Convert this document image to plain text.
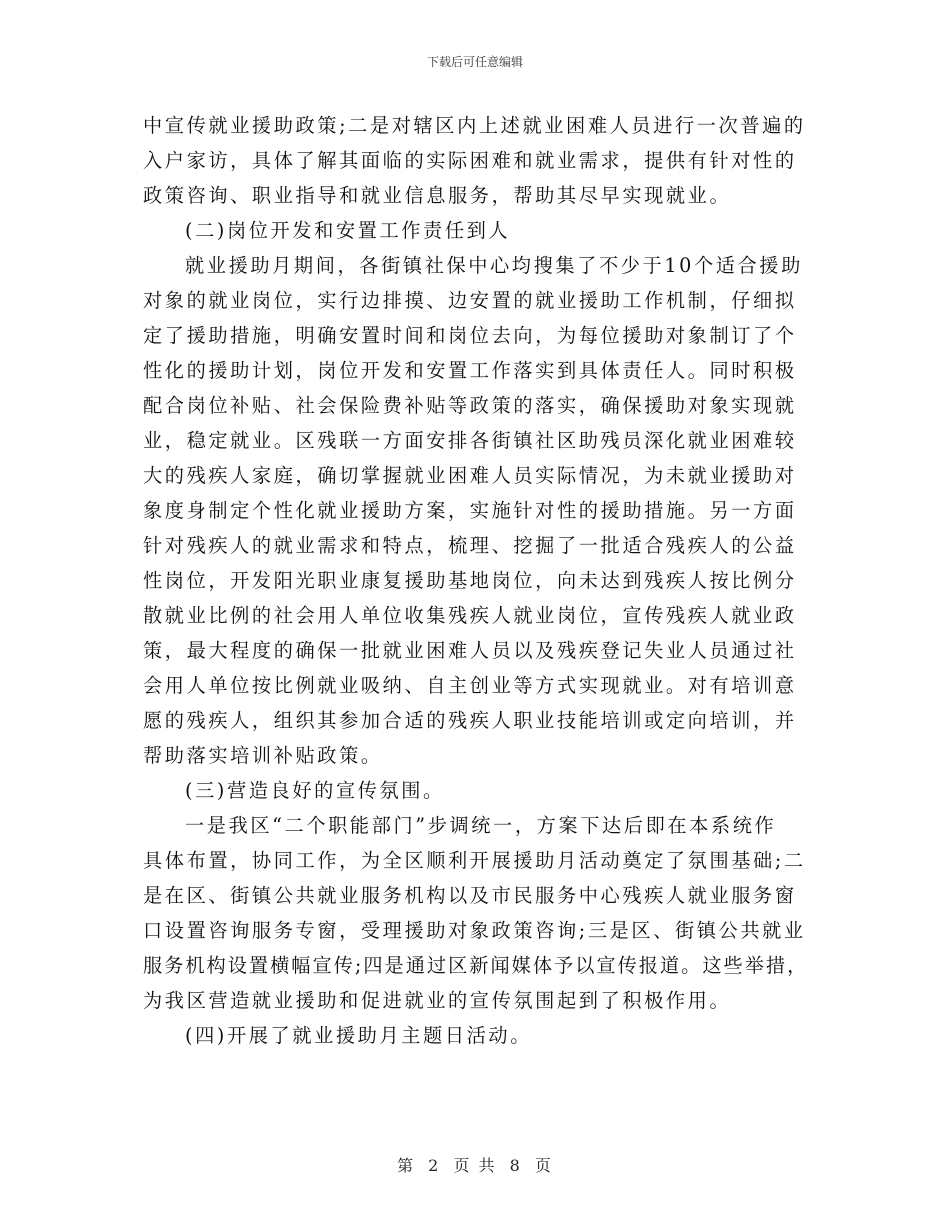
下载后可任意编辑
中宣传就业援助政策;二是对辖区内上述就业困难人员进行一次普遍的
入户家访，具体了解其面临的实际困难和就业需求，提供有针对性的
政策咨询、职业指导和就业信息服务，帮助其尽早实现就业。
(二)岗位开发和安置工作责任到人
就业援助月期间，各街镇社保中心均搜集了不少于10个适合援助
对象的就业岗位，实行边排摸、边安置的就业援助工作机制，仔细拟
定了援助措施，明确安置时间和岗位去向，为每位援助对象制订了个
性化的援助计划，岗位开发和安置工作落实到具体责任人。同时积极
配合岗位补贴、社会保险费补贴等政策的落实，确保援助对象实现就
业，稳定就业。区残联一方面安排各街镇社区助残员深化就业困难较
大的残疾人家庭，确切掌握就业困难人员实际情况，为未就业援助对
象度身制定个性化就业援助方案，实施针对性的援助措施。另一方面
针对残疾人的就业需求和特点，梳理、挖掘了一批适合残疾人的公益
性岗位，开发阳光职业康复援助基地岗位，向未达到残疾人按比例分
散就业比例的社会用人单位收集残疾人就业岗位，宣传残疾人就业政
策，最大程度的确保一批就业困难人员以及残疾登记失业人员通过社
会用人单位按比例就业吸纳、自主创业等方式实现就业。对有培训意
愿的残疾人，组织其参加合适的残疾人职业技能培训或定向培训，并
帮助落实培训补贴政策。
(三)营造良好的宣传氛围。
一是我区“二个职能部门”步调统一，方案下达后即在本系统作
具体布置，协同工作，为全区顺利开展援助月活动奠定了氛围基础;二
是在区、街镇公共就业服务机构以及市民服务中心残疾人就业服务窗
口设置咨询服务专窗，受理援助对象政策咨询;三是区、街镇公共就业
服务机构设置横幅宣传;四是通过区新闻媒体予以宣传报道。这些举措，
为我区营造就业援助和促进就业的宣传氛围起到了积极作用。
(四)开展了就业援助月主题日活动。
第 2 页 共 8 页
